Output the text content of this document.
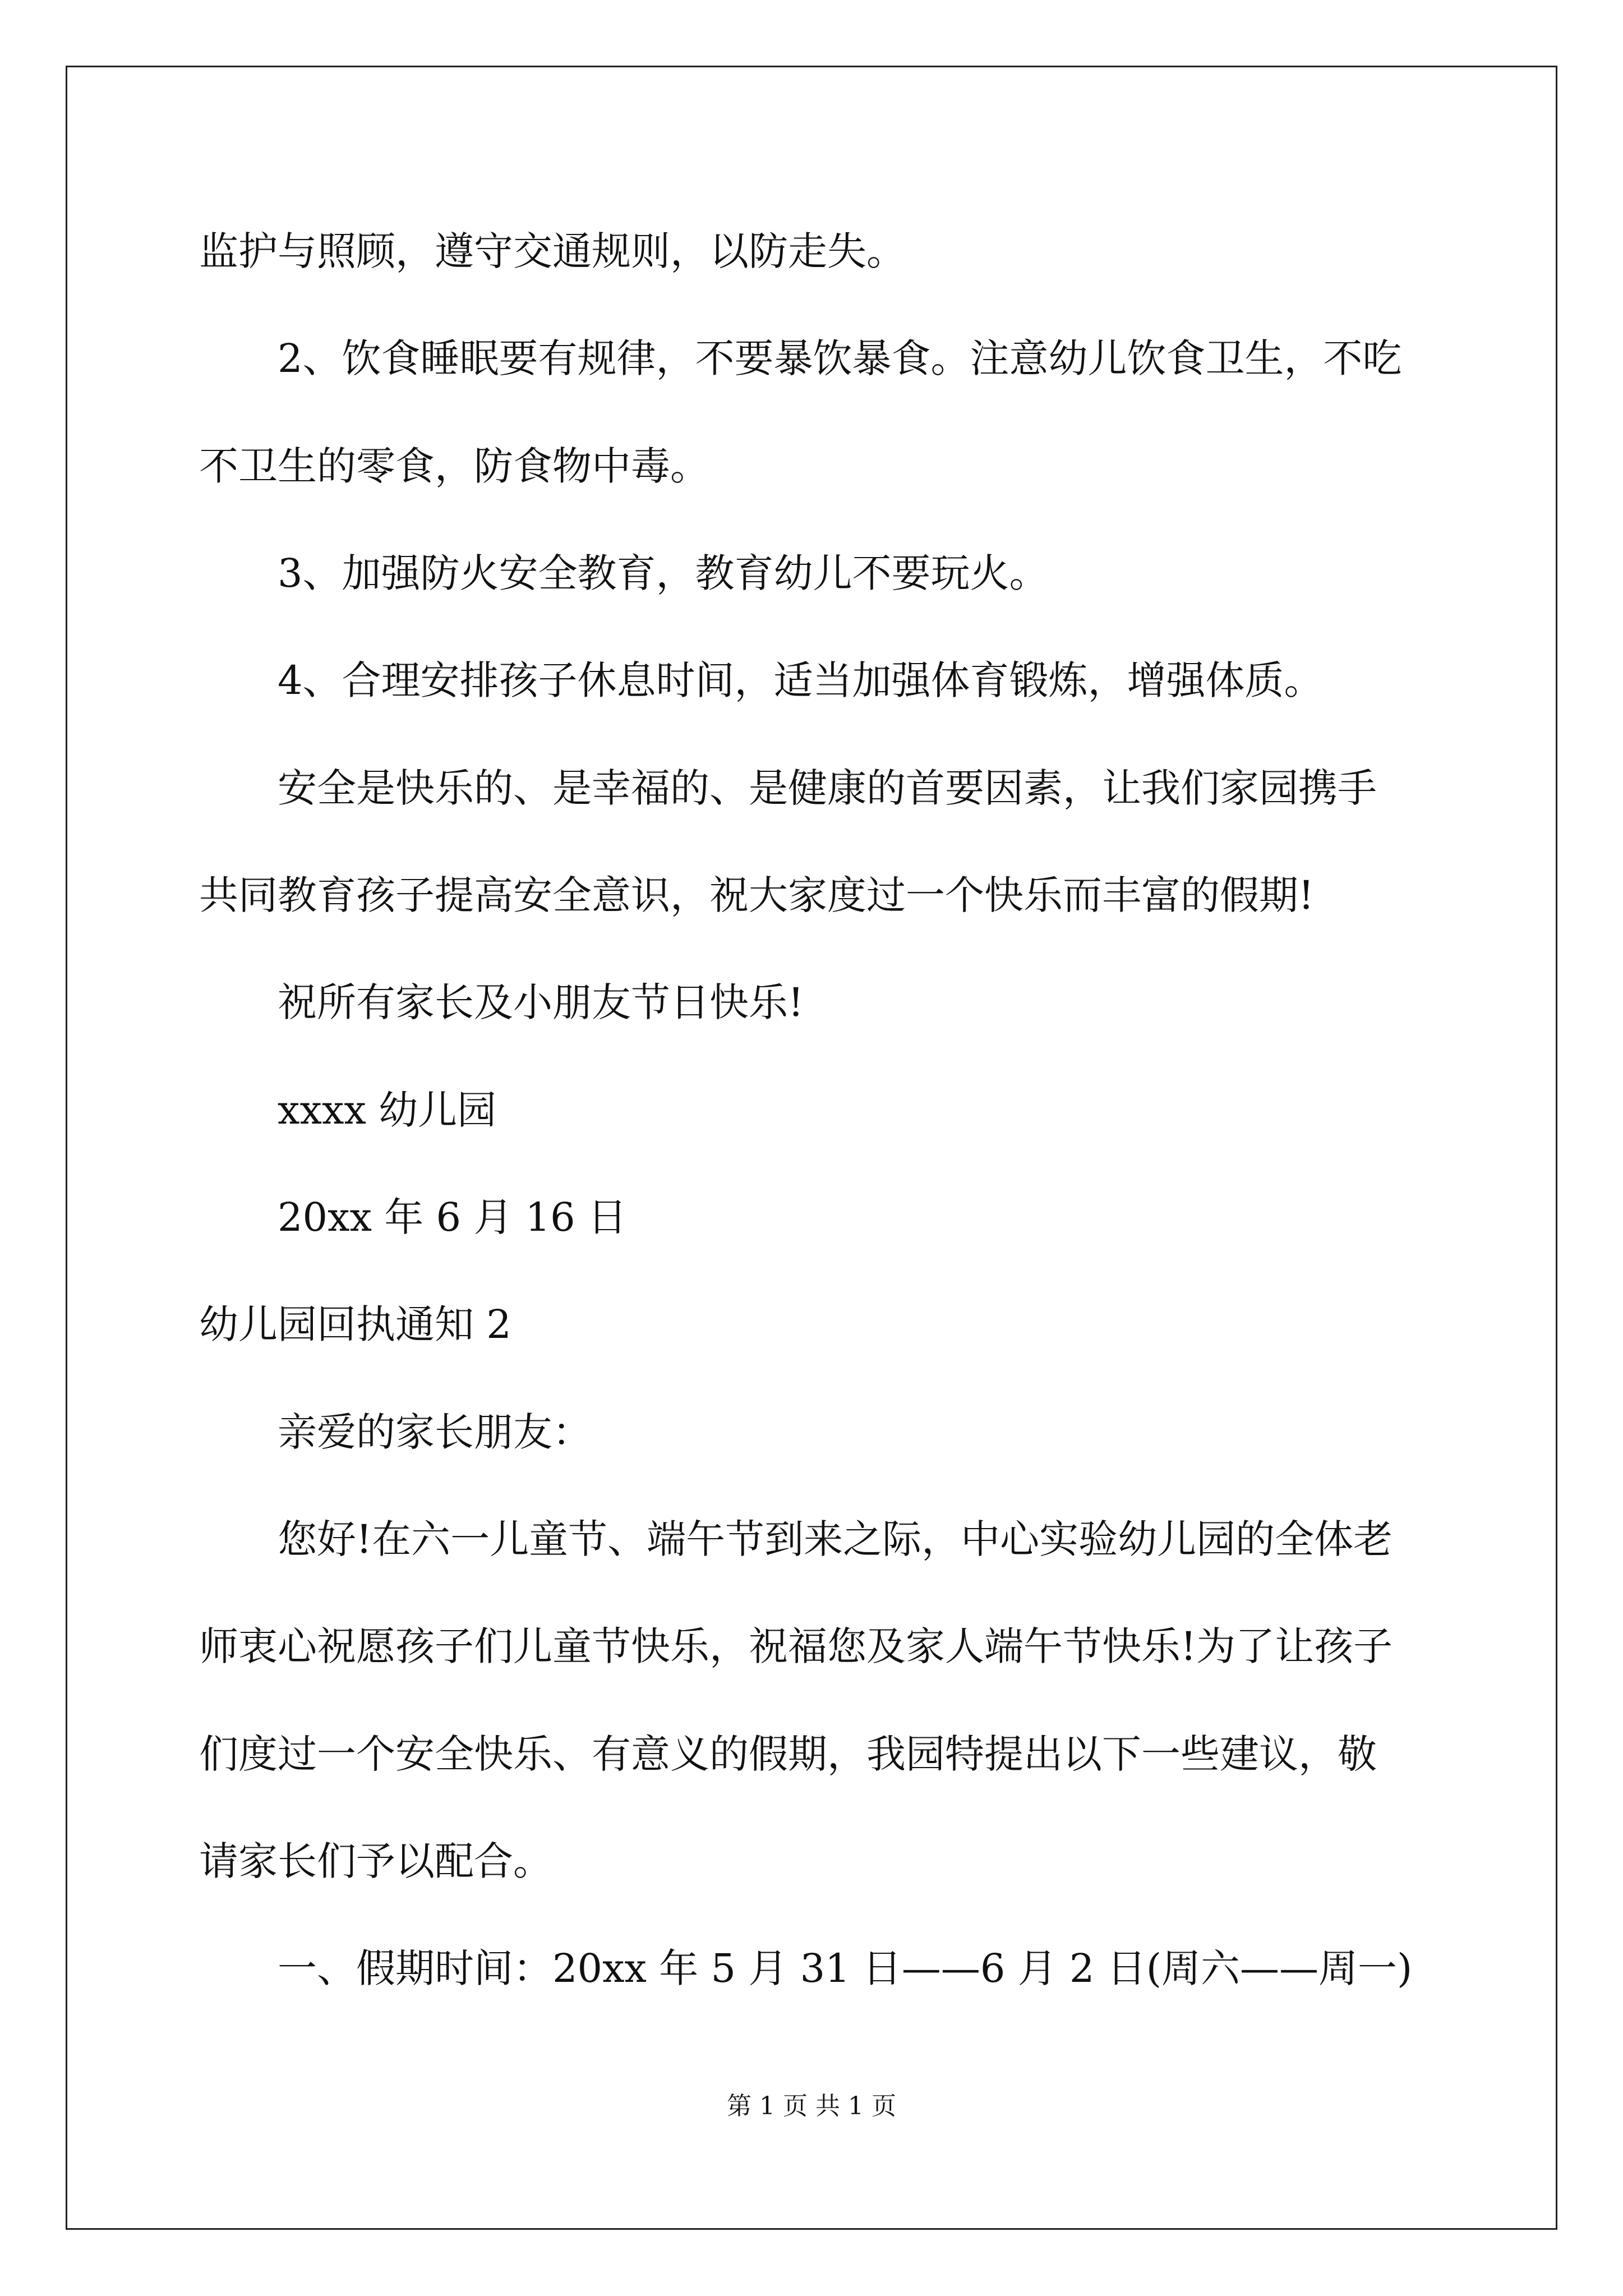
监护与照顾，遵守交通规则，以防走失。

2、饮食睡眠要有规律，不要暴饮暴食。注意幼儿饮食卫生，不吃

不卫生的零食，防食物中毒。

3、加强防火安全教育，教育幼儿不要玩火。

4、合理安排孩子休息时间，适当加强体育锻炼，增强体质。

安全是快乐的、是幸福的、是健康的首要因素，让我们家园携手

共同教育孩子提高安全意识，祝大家度过一个快乐而丰富的假期!

祝所有家长及小朋友节日快乐!

xxxx 幼儿园

20xx 年 6 月 16 日

幼儿园回执通知 2

亲爱的家长朋友：

您好!在六一儿童节、端午节到来之际，中心实验幼儿园的全体老

师衷心祝愿孩子们儿童节快乐，祝福您及家人端午节快乐!为了让孩子

们度过一个安全快乐、有意义的假期，我园特提出以下一些建议，敬

请家长们予以配合。

一、假期时间：20xx 年 5 月 31 日——6 月 2 日(周六——周一)

第 1 页 共 1 页
